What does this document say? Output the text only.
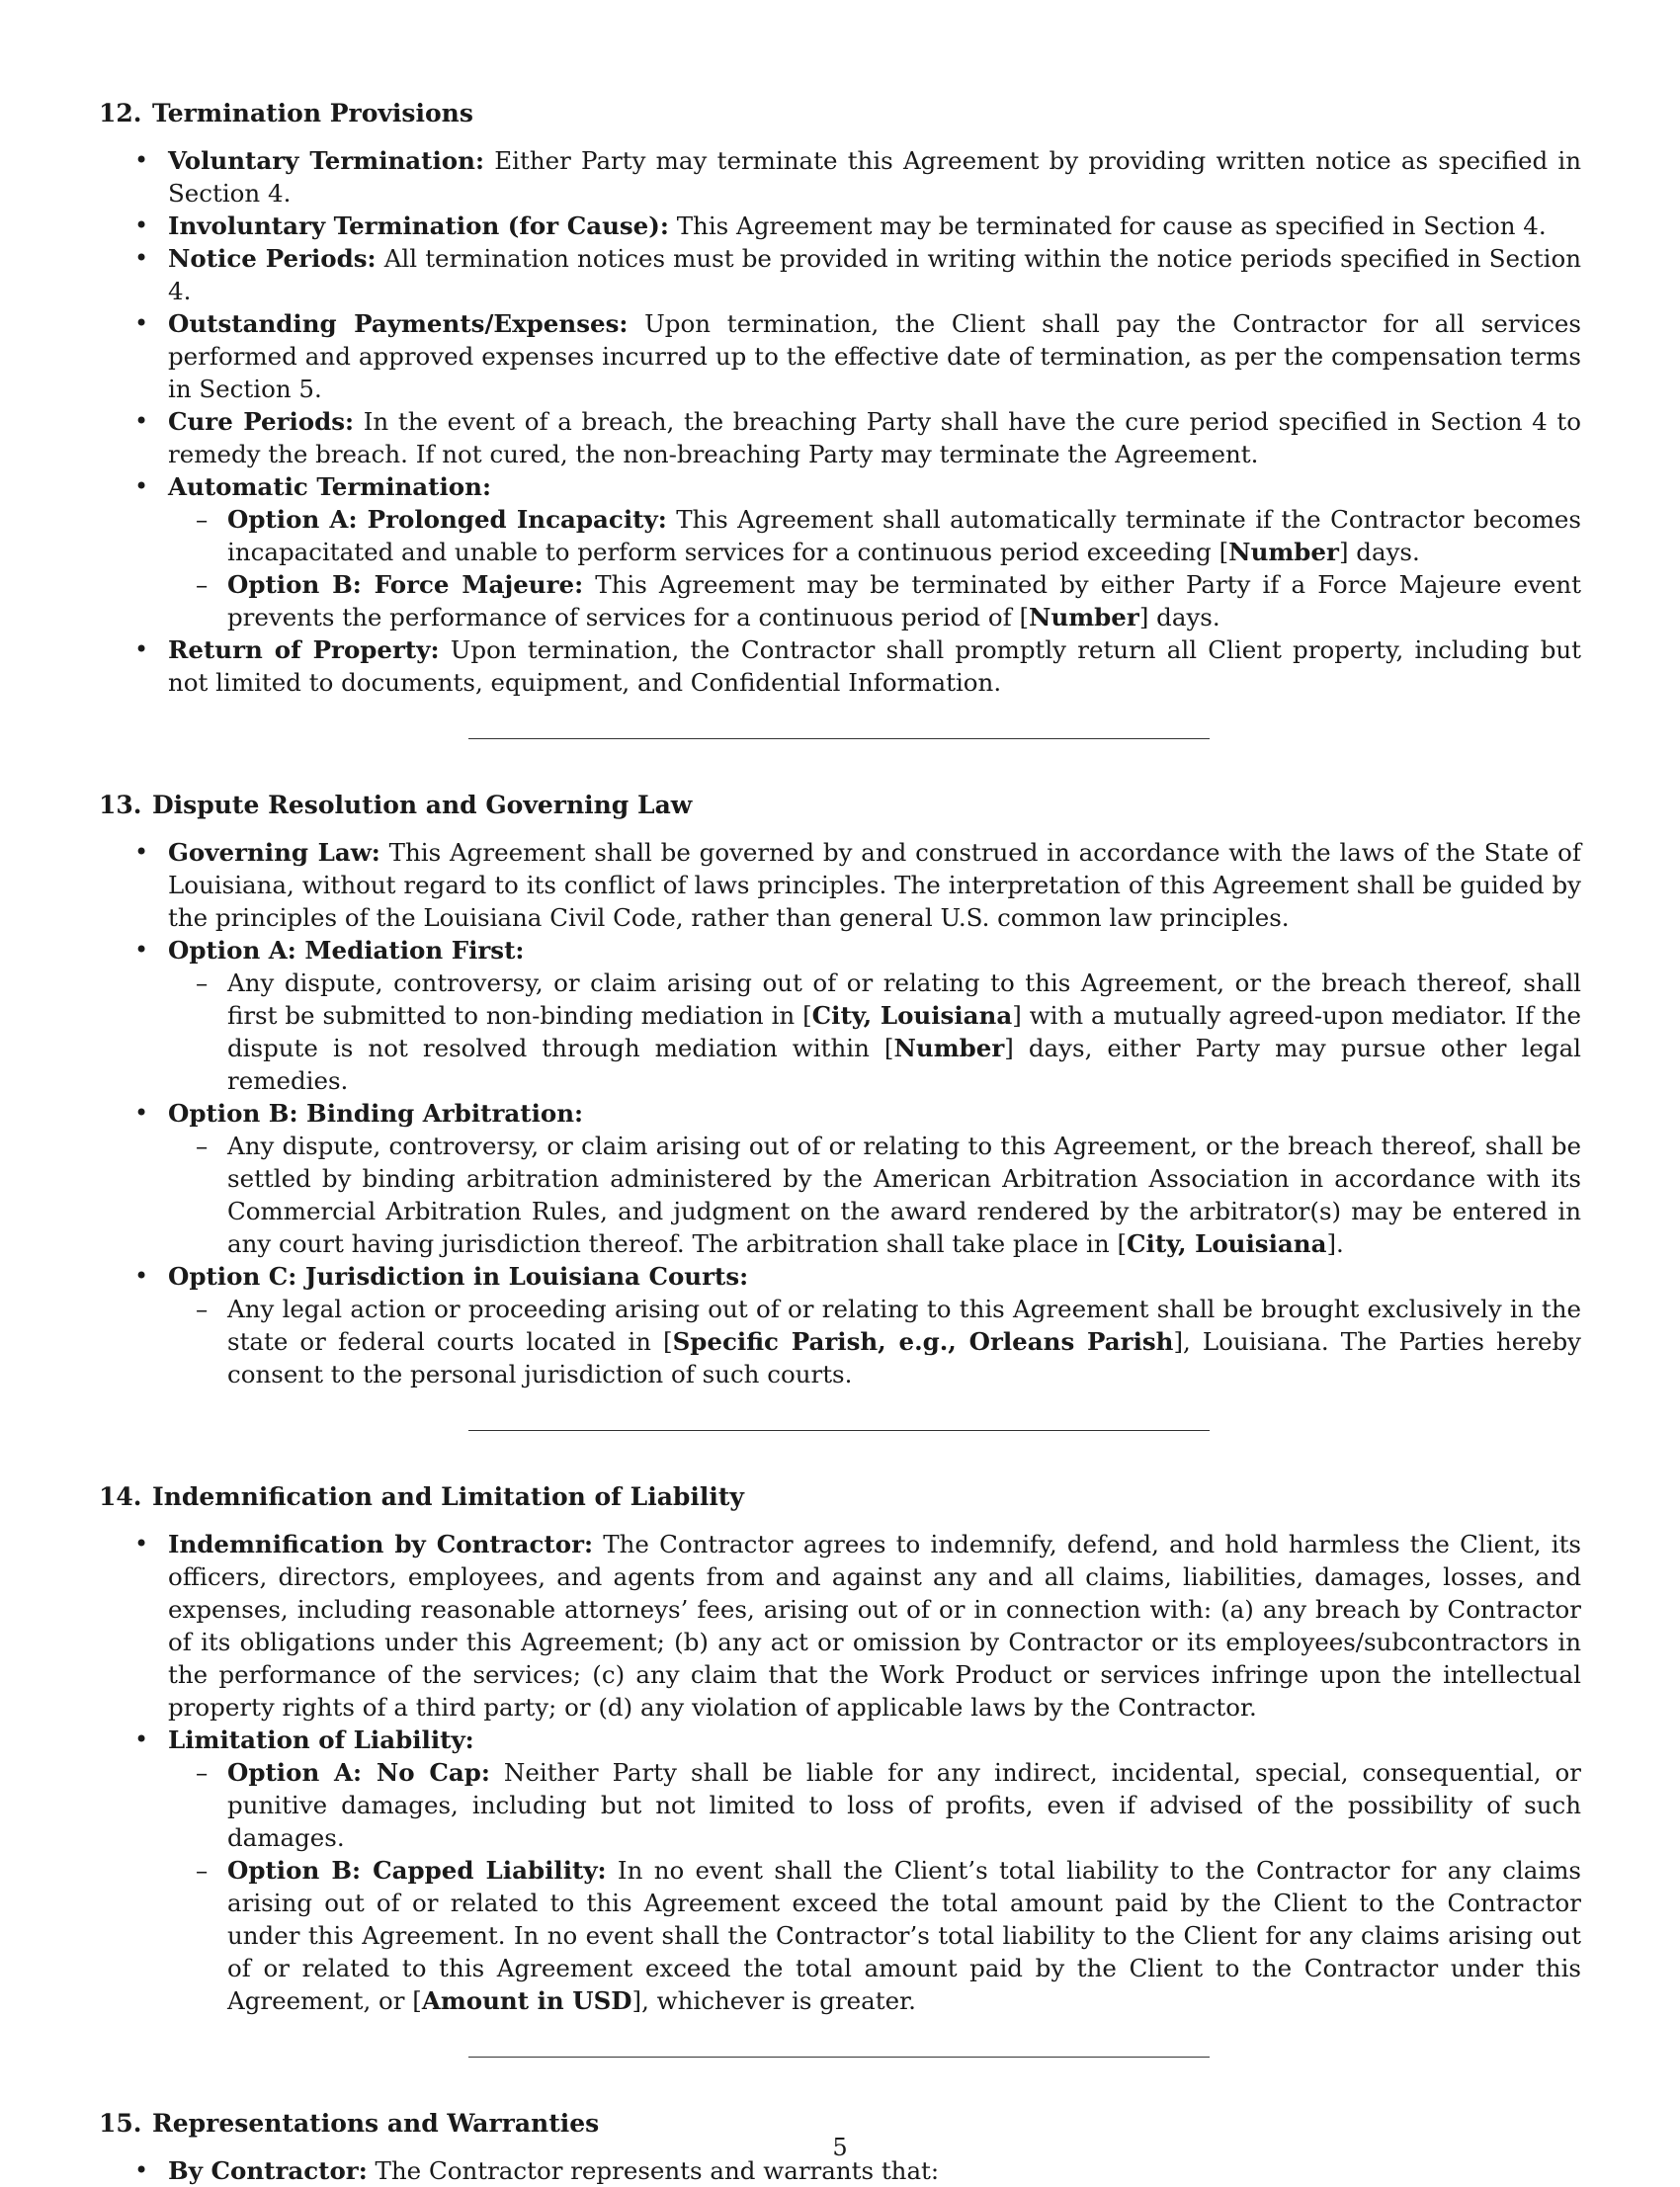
12. Termination Provisions
• Voluntary Termination: Either Party may terminate this Agreement by providing written notice as specified in Section 4.
• Involuntary Termination (for Cause): This Agreement may be terminated for cause as specified in Section 4.
• Notice Periods: All termination notices must be provided in writing within the notice periods specified in Section 4.
• Outstanding Payments/Expenses: Upon termination, the Client shall pay the Contractor for all services performed and approved expenses incurred up to the effective date of termination, as per the compensation terms in Section 5.
• Cure Periods: In the event of a breach, the breaching Party shall have the cure period specified in Section 4 to remedy the breach. If not cured, the non-breaching Party may terminate the Agreement.
• Automatic Termination:
– Option A: Prolonged Incapacity: This Agreement shall automatically terminate if the Contractor becomes incapacitated and unable to perform services for a continuous period exceeding [Number] days.
– Option B: Force Majeure: This Agreement may be terminated by either Party if a Force Majeure event prevents the performance of services for a continuous period of [Number] days.
• Return of Property: Upon termination, the Contractor shall promptly return all Client property, including but not limited to documents, equipment, and Confidential Information.
13. Dispute Resolution and Governing Law
• Governing Law: This Agreement shall be governed by and construed in accordance with the laws of the State of Louisiana, without regard to its conflict of laws principles. The interpretation of this Agreement shall be guided by the principles of the Louisiana Civil Code, rather than general U.S. common law principles.
• Option A: Mediation First:
– Any dispute, controversy, or claim arising out of or relating to this Agreement, or the breach thereof, shall first be submitted to non-binding mediation in [City, Louisiana] with a mutually agreed-upon mediator. If the dispute is not resolved through mediation within [Number] days, either Party may pursue other legal remedies.
• Option B: Binding Arbitration:
– Any dispute, controversy, or claim arising out of or relating to this Agreement, or the breach thereof, shall be settled by binding arbitration administered by the American Arbitration Association in accordance with its Commercial Arbitration Rules, and judgment on the award rendered by the arbitrator(s) may be entered in any court having jurisdiction thereof. The arbitration shall take place in [City, Louisiana].
• Option C: Jurisdiction in Louisiana Courts:
– Any legal action or proceeding arising out of or relating to this Agreement shall be brought exclusively in the state or federal courts located in [Specific Parish, e.g., Orleans Parish], Louisiana. The Parties hereby consent to the personal jurisdiction of such courts.
14. Indemnification and Limitation of Liability
• Indemnification by Contractor: The Contractor agrees to indemnify, defend, and hold harmless the Client, its officers, directors, employees, and agents from and against any and all claims, liabilities, damages, losses, and expenses, including reasonable attorneys’ fees, arising out of or in connection with: (a) any breach by Contractor of its obligations under this Agreement; (b) any act or omission by Contractor or its employees/subcontractors in the performance of the services; (c) any claim that the Work Product or services infringe upon the intellectual property rights of a third party; or (d) any violation of applicable laws by the Contractor.
• Limitation of Liability:
– Option A: No Cap: Neither Party shall be liable for any indirect, incidental, special, consequential, or punitive damages, including but not limited to loss of profits, even if advised of the possibility of such damages.
– Option B: Capped Liability: In no event shall the Client’s total liability to the Contractor for any claims arising out of or related to this Agreement exceed the total amount paid by the Client to the Contractor under this Agreement. In no event shall the Contractor’s total liability to the Client for any claims arising out of or related to this Agreement exceed the total amount paid by the Client to the Contractor under this Agreement, or [Amount in USD], whichever is greater.
15. Representations and Warranties
• By Contractor: The Contractor represents and warrants that:
5
